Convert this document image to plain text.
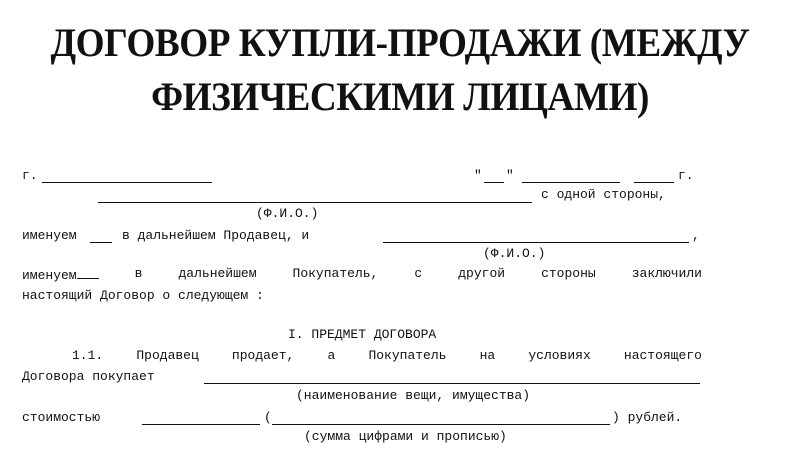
ДОГОВОР КУПЛИ-ПРОДАЖИ (МЕЖДУ
ФИЗИЧЕСКИМИ ЛИЦАМИ)
г.	" "	г.
с одной стороны,
(Ф.И.О.)
именуем	в дальнейшем Продавец, и	,
(Ф.И.О.)
именуем	в	дальнейшем	Покупатель,	с	другой	стороны	заключили
настоящий Договор о следующем :
I. ПРЕДМЕТ ДОГОВОРА
1.1.	Продавец	продает,	а	Покупатель	на	условиях	настоящего
Договора покупает
(наименование вещи, имущества)
стоимостью	(	) рублей.
(сумма цифрами и прописью)
